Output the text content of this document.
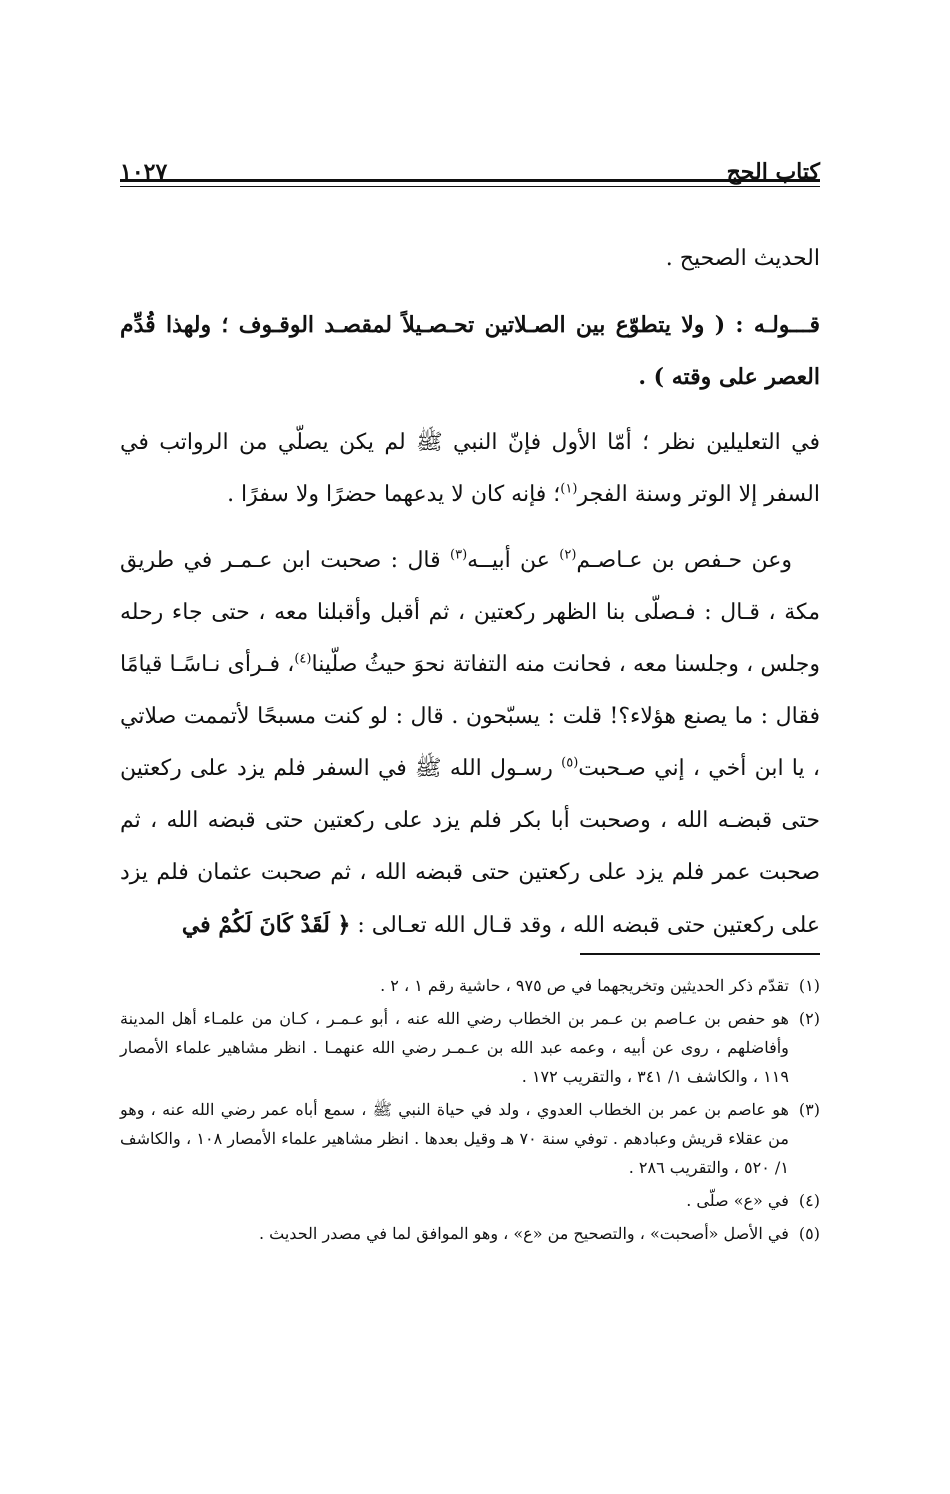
كتاب الحج
١٠٢٧

الحديث الصحيح .

قـــولـه : ( ولا يتطوّع بين الصـلاتين تحـصـيلاً لمقصـد الوقـوف ؛ ولهذا قُدِّم العصر على وقته ) .

في التعليلين نظر ؛ أمّا الأول فإنّ النبي ﷺ لم يكن يصلّي من الرواتب في السفر إلا الوتر وسنة الفجر$^{(١)}$؛ فإنه كان لا يدعهما حضرًا ولا سفرًا .

وعن حـفص بن عـاصـم$^{(٢)}$ عن أبيــه$^{(٣)}$ قال : صحبت ابن عـمـر في طريق مكة ، قـال : فـصلّى بنا الظهر ركعتين ، ثم أقبل وأقبلنا معه ، حتى جاء رحله وجلس ، وجلسنا معه ، فحانت منه التفاتة نحوَ حيثُ صلّينا$^{(٤)}$، فـرأى نـاسًـا قيامًا فقال : ما يصنع هؤلاء؟! قلت : يسبّحون . قال : لو كنت مسبحًا لأتممت صلاتي ، يا ابن أخي ، إني صـحبت$^{(٥)}$ رسـول الله ﷺ في السفر فلم يزد على ركعتين حتى قبضـه الله ، وصحبت أبا بكر فلم يزد على ركعتين حتى قبضه الله ، ثم صحبت عمر فلم يزد على ركعتين حتى قبضه الله ، ثم صحبت عثمان فلم يزد على ركعتين حتى قبضه الله ، وقد قـال الله تعـالى : ﴿ لَقَدْ كَانَ لَكُمْ في

(١)
تقدّم ذكر الحديثين وتخريجهما في ص ٩٧٥ ، حاشية رقم ١ ، ٢ .
(٢)
هو حفص بن عـاصم بن عـمر بن الخطاب رضي الله عنه ، أبو عـمـر ، كـان من علمـاء أهل المدينة وأفاضلهم ، روى عن أبيه ، وعمه عبد الله بن عـمـر رضي الله عنهمـا . انظر مشاهير علماء الأمصار ١١٩ ، والكاشف ١/ ٣٤١ ، والتقريب ١٧٢ .
(٣)
هو عاصم بن عمر بن الخطاب العدوي ، ولد في حياة النبي ﷺ ، سمع أباه عمر رضي الله عنه ، وهو من عقلاء قريش وعبادهم . توفي سنة ٧٠ هـ وقيل بعدها . انظر مشاهير علماء الأمصار ١٠٨ ، والكاشف ١/ ٥٢٠ ، والتقريب ٢٨٦ .
(٤)
في «ع» صلّى .
(٥)
في الأصل «أصحبت» ، والتصحيح من «ع» ، وهو الموافق لما في مصدر الحديث .
